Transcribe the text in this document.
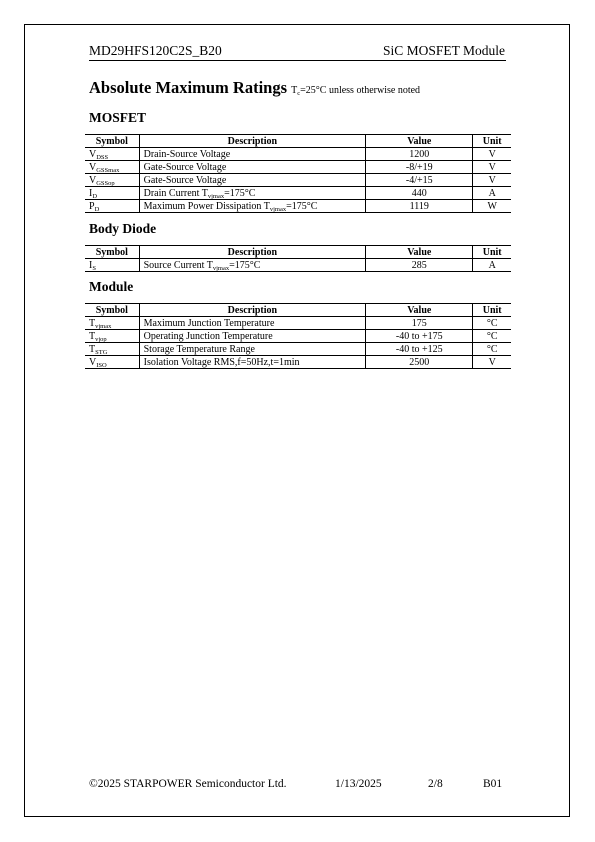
MD29HFS120C2S_B20	SiC MOSFET Module
Absolute Maximum Ratings $T_c=25^\circ C$ unless otherwise noted
MOSFET
Symbol	Description	Value	Unit
$V_{DSS}$	Drain-Source Voltage	1200	V
$V_{GSSmax}$	Gate-Source Voltage	-8/+19	V
$V_{GSSop}$	Gate-Source Voltage	-4/+15	V
$I_D$	Drain Current $T_{vjmax}=175^\circ C$	440	A
$P_D$	Maximum Power Dissipation $T_{vjmax}=175^\circ C$	1119	W
Body Diode
Symbol	Description	Value	Unit
$I_S$	Source Current $T_{vjmax}=175^\circ C$	285	A
Module
Symbol	Description	Value	Unit
$T_{vjmax}$	Maximum Junction Temperature	175	°C
$T_{vjop}$	Operating Junction Temperature	-40 to +175	°C
$T_{STG}$	Storage Temperature Range	-40 to +125	°C
$V_{ISO}$	Isolation Voltage RMS,f=50Hz,t=1min	2500	V
©2025 STARPOWER Semiconductor Ltd.	1/13/2025	2/8	B01
